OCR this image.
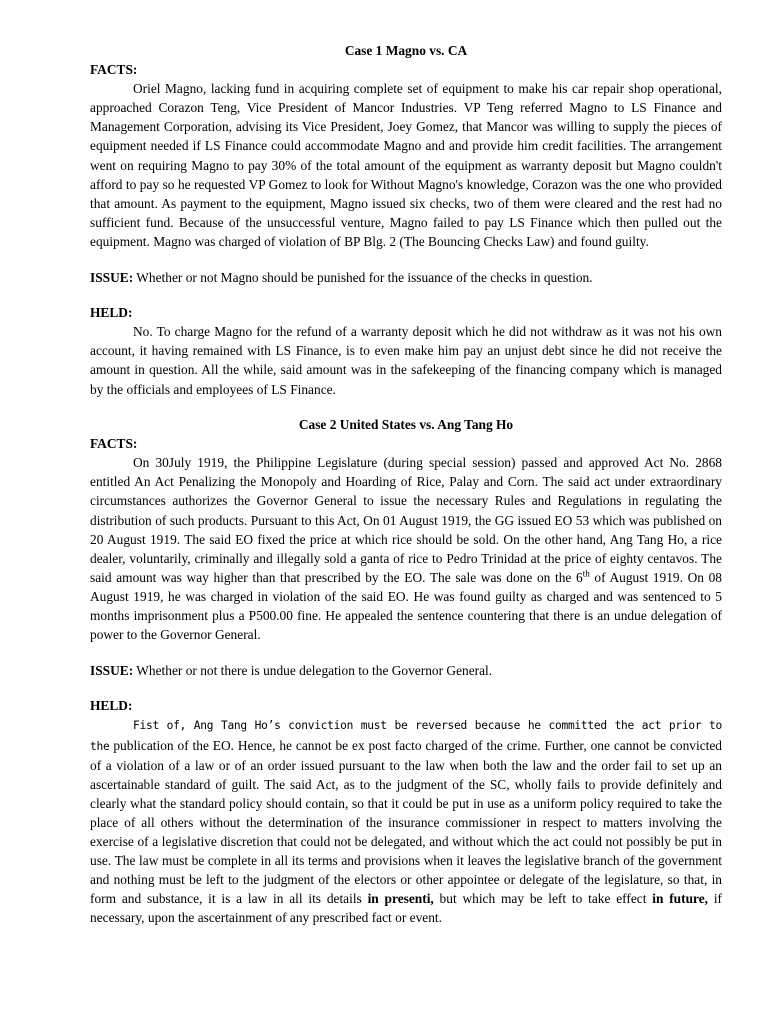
Case 1 Magno vs. CA

FACTS:

Oriel Magno, lacking fund in acquiring complete set of equipment to make his car repair shop operational, approached Corazon Teng, Vice President of Mancor Industries. VP Teng referred Magno to LS Finance and Management Corporation, advising its Vice President, Joey Gomez, that Mancor was willing to supply the pieces of equipment needed if LS Finance could accommodate Magno and and provide him credit facilities. The arrangement went on requiring Magno to pay 30% of the total amount of the equipment as warranty deposit but Magno couldn't afford to pay so he requested VP Gomez to look for Without Magno's knowledge, Corazon was the one who provided that amount. As payment to the equipment, Magno issued six checks, two of them were cleared and the rest had no sufficient fund. Because of the unsuccessful venture, Magno failed to pay LS Finance which then pulled out the equipment. Magno was charged of violation of BP Blg. 2 (The Bouncing Checks Law) and found guilty.

ISSUE: Whether or not Magno should be punished for the issuance of the checks in question.

HELD:

No. To charge Magno for the refund of a warranty deposit which he did not withdraw as it was not his own account, it having remained with LS Finance, is to even make him pay an unjust debt since he did not receive the amount in question. All the while, said amount was in the safekeeping of the financing company which is managed by the officials and employees of LS Finance.

Case 2 United States vs. Ang Tang Ho

FACTS:

On 30July 1919, the Philippine Legislature (during special session) passed and approved Act No. 2868 entitled An Act Penalizing the Monopoly and Hoarding of Rice, Palay and Corn. The said act under extraordinary circumstances authorizes the Governor General to issue the necessary Rules and Regulations in regulating the distribution of such products. Pursuant to this Act, On 01 August 1919, the GG issued EO 53 which was published on 20 August 1919. The said EO fixed the price at which rice should be sold. On the other hand, Ang Tang Ho, a rice dealer, voluntarily, criminally and illegally sold a ganta of rice to Pedro Trinidad at the price of eighty centavos. The said amount was way higher than that prescribed by the EO. The sale was done on the 6th of August 1919. On 08 August 1919, he was charged in violation of the said EO. He was found guilty as charged and was sentenced to 5 months imprisonment plus a P500.00 fine. He appealed the sentence countering that there is an undue delegation of power to the Governor General.

ISSUE: Whether or not there is undue delegation to the Governor General.

HELD:

Fist of, Ang Tang Ho’s conviction must be reversed because he committed the act prior to the publication of the EO. Hence, he cannot be ex post facto charged of the crime. Further, one cannot be convicted of a violation of a law or of an order issued pursuant to the law when both the law and the order fail to set up an ascertainable standard of guilt. The said Act, as to the judgment of the SC, wholly fails to provide definitely and clearly what the standard policy should contain, so that it could be put in use as a uniform policy required to take the place of all others without the determination of the insurance commissioner in respect to matters involving the exercise of a legislative discretion that could not be delegated, and without which the act could not possibly be put in use. The law must be complete in all its terms and provisions when it leaves the legislative branch of the government and nothing must be left to the judgment of the electors or other appointee or delegate of the legislature, so that, in form and substance, it is a law in all its details in presenti, but which may be left to take effect in future, if necessary, upon the ascertainment of any prescribed fact or event.
